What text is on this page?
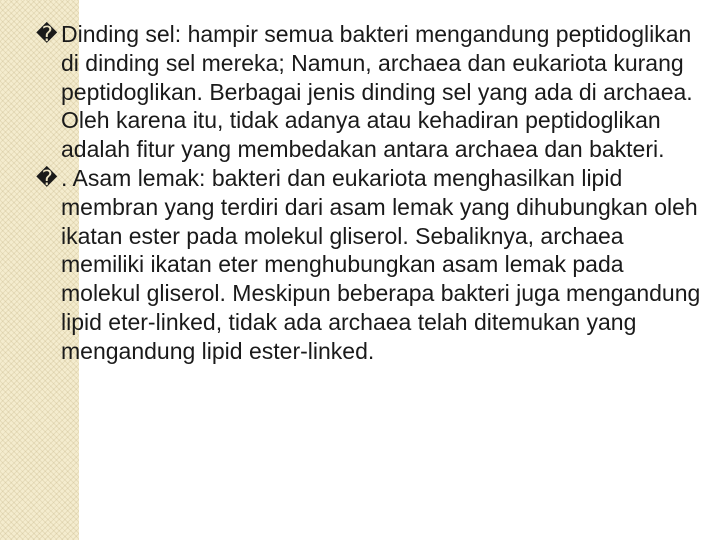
� Dinding sel: hampir semua bakteri mengandung peptidoglikan di dinding sel mereka; Namun, archaea dan eukariota kurang peptidoglikan. Berbagai jenis dinding sel yang ada di archaea. Oleh karena itu, tidak adanya atau kehadiran peptidoglikan adalah fitur yang membedakan antara archaea dan bakteri.

� . Asam lemak: bakteri dan eukariota menghasilkan lipid membran yang terdiri dari asam lemak yang dihubungkan oleh ikatan ester pada molekul gliserol. Sebaliknya, archaea memiliki ikatan eter menghubungkan asam lemak pada molekul gliserol. Meskipun beberapa bakteri juga mengandung lipid eter-linked, tidak ada archaea telah ditemukan yang mengandung lipid ester-linked.
